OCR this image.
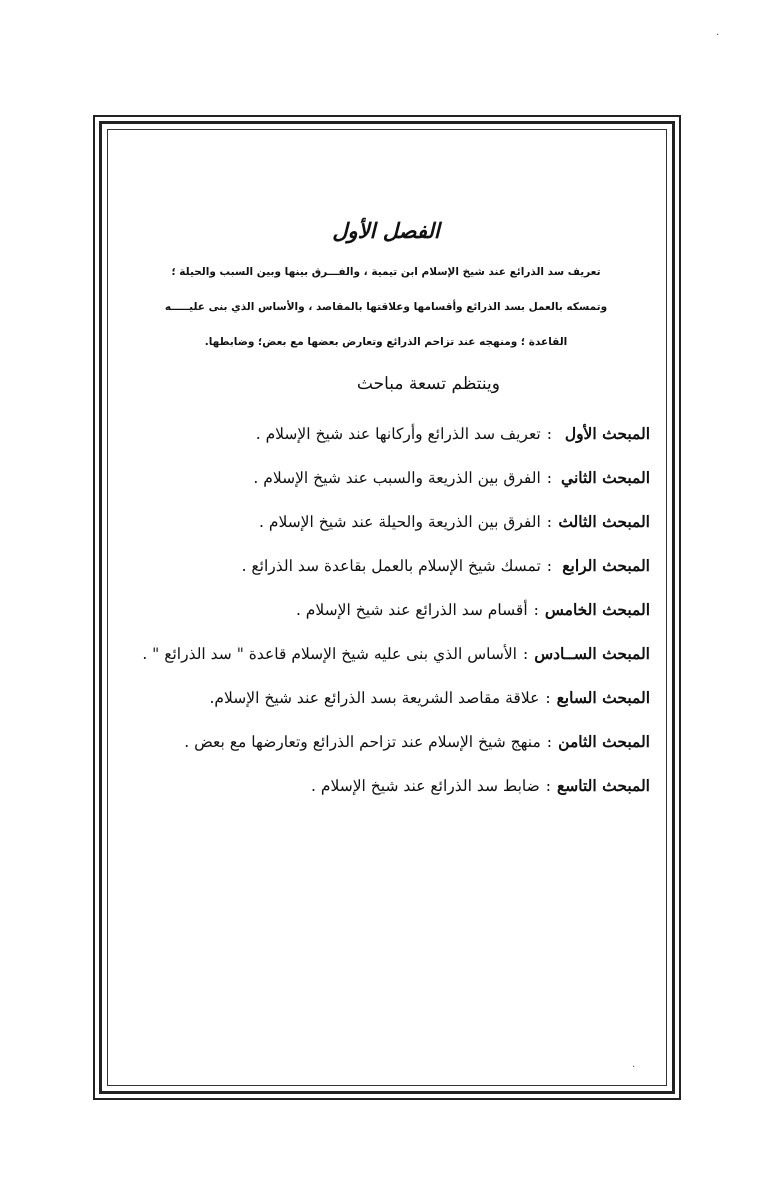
·
·
الفصل الأول

تعريف سد الذرائع عند شيخ الإسلام ابن تيمية ، والفـــرق بينها وبين السبب والحيلة ؛
وتمسكه بالعمل بسد الذرائع وأقسامها وعلاقتها بالمقاصد ، والأساس الذي بنى عليـــــه
القاعدة ؛ ومنهجه عند تزاحم الذرائع وتعارض بعضها مع بعض؛ وضابطها.

وينتظم تسعة مباحث
المبحث الأول
:
تعريف سد الذرائع وأركانها عند شيخ الإسلام .
المبحث الثاني
:
الفرق بين الذريعة والسبب عند شيخ الإسلام .
المبحث الثالث
:
الفرق بين الذريعة والحيلة عند شيخ الإسلام .
المبحث الرابع
:
تمسك شيخ الإسلام بالعمل بقاعدة سد الذرائع .
المبحث الخامس
:
أقسام سد الذرائع عند شيخ الإسلام .
المبحث الســادس
:
الأساس الذي بنى عليه شيخ الإسلام قاعدة " سد الذرائع " .
المبحث السابع
:
علاقة مقاصد الشريعة بسد الذرائع عند شيخ الإسلام.
المبحث الثامن
:
منهج شيخ الإسلام عند تزاحم الذرائع وتعارضها مع بعض .
المبحث التاسع
:
ضابط سد الذرائع عند شيخ الإسلام .
